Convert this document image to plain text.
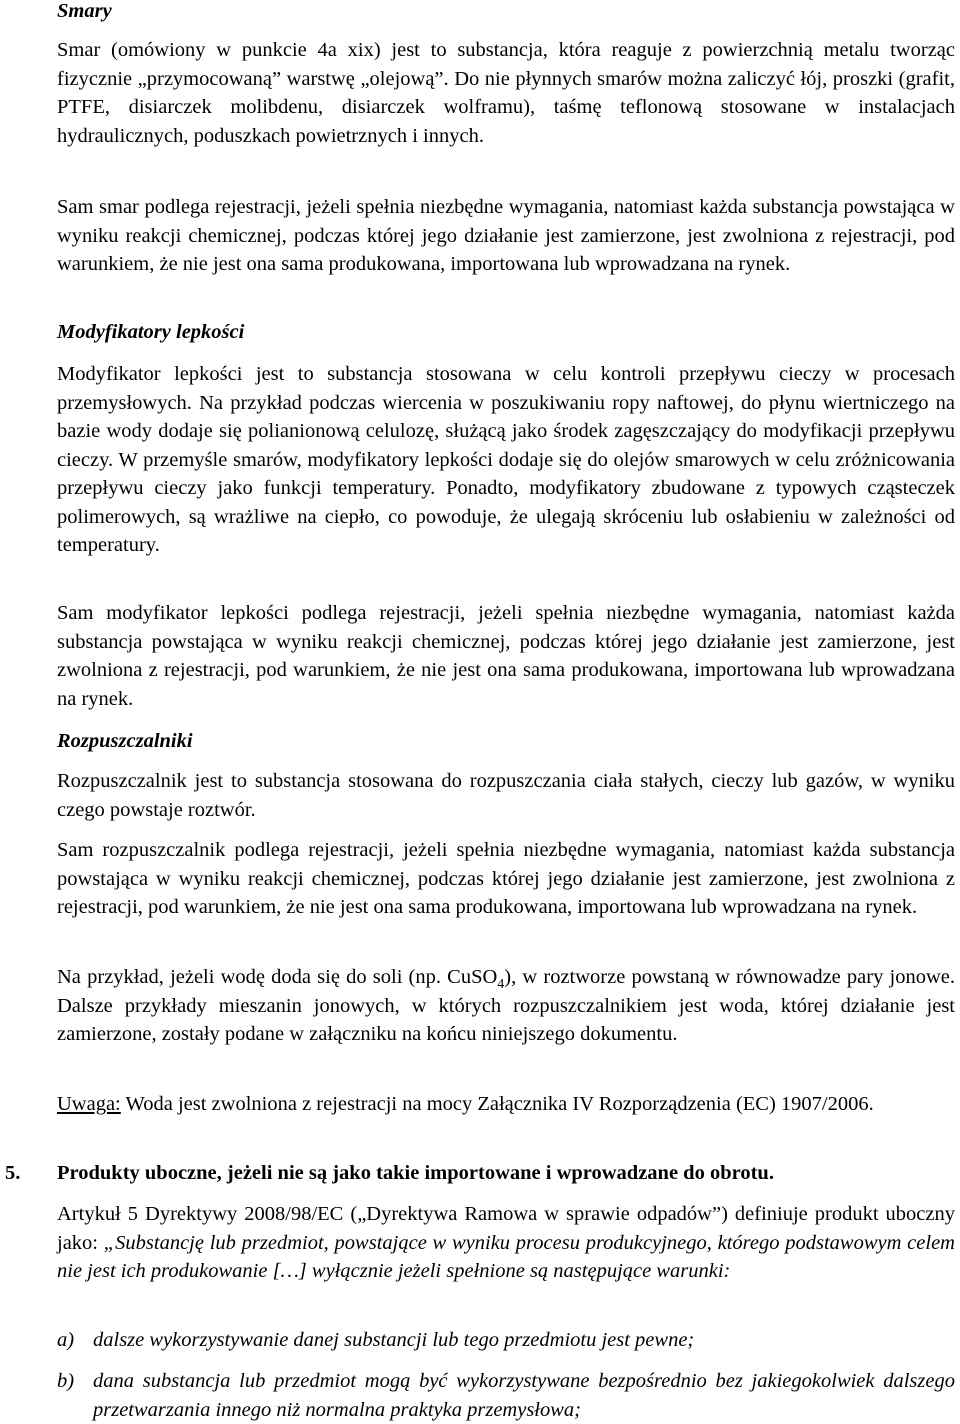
Smary

Smar (omówiony w punkcie 4a xix) jest to substancja, która reaguje z powierzchnią metalu tworząc fizycznie „przymocowaną” warstwę „olejową”. Do nie płynnych smarów można zaliczyć łój, proszki (grafit, PTFE, disiarczek molibdenu, disiarczek wolframu), taśmę teflonową stosowane w instalacjach hydraulicznych, poduszkach powietrznych i innych.

Sam smar podlega rejestracji, jeżeli spełnia niezbędne wymagania, natomiast każda substancja powstająca w wyniku reakcji chemicznej, podczas której jego działanie jest zamierzone, jest zwolniona z rejestracji, pod warunkiem, że nie jest ona sama produkowana, importowana lub wprowadzana na rynek.

Modyfikatory lepkości

Modyfikator lepkości jest to substancja stosowana w celu kontroli przepływu cieczy w procesach przemysłowych. Na przykład podczas wiercenia w poszukiwaniu ropy naftowej, do płynu wiertniczego na bazie wody dodaje się polianionową celulozę, służącą jako środek zagęszczający do modyfikacji przepływu cieczy. W przemyśle smarów, modyfikatory lepkości dodaje się do olejów smarowych w celu zróżnicowania przepływu cieczy jako funkcji temperatury. Ponadto, modyfikatory zbudowane z typowych cząsteczek polimerowych, są wrażliwe na ciepło, co powoduje, że ulegają skróceniu lub osłabieniu w zależności od temperatury.

Sam modyfikator lepkości podlega rejestracji, jeżeli spełnia niezbędne wymagania, natomiast każda substancja powstająca w wyniku reakcji chemicznej, podczas której jego działanie jest zamierzone, jest zwolniona z rejestracji, pod warunkiem, że nie jest ona sama produkowana, importowana lub wprowadzana na rynek.

Rozpuszczalniki

Rozpuszczalnik jest to substancja stosowana do rozpuszczania ciała stałych, cieczy lub gazów, w wyniku czego powstaje roztwór.

Sam rozpuszczalnik podlega rejestracji, jeżeli spełnia niezbędne wymagania, natomiast każda substancja powstająca w wyniku reakcji chemicznej, podczas której jego działanie jest zamierzone, jest zwolniona z rejestracji, pod warunkiem, że nie jest ona sama produkowana, importowana lub wprowadzana na rynek.

Na przykład, jeżeli wodę doda się do soli (np. CuSO$_4$), w roztworze powstaną w równowadze pary jonowe. Dalsze przykłady mieszanin jonowych, w których rozpuszczalnikiem jest woda, której działanie jest zamierzone, zostały podane w załączniku na końcu niniejszego dokumentu.

Uwaga: Woda jest zwolniona z rejestracji na mocy Załącznika IV Rozporządzenia (EC) 1907/2006.

5. Produkty uboczne, jeżeli nie są jako takie importowane i wprowadzane do obrotu.

Artykuł 5 Dyrektywy 2008/98/EC („Dyrektywa Ramowa w sprawie odpadów”) definiuje produkt uboczny jako: „Substancję lub przedmiot, powstające w wyniku procesu produkcyjnego, którego podstawowym celem nie jest ich produkowanie […] wyłącznie jeżeli spełnione są następujące warunki:

a) dalsze wykorzystywanie danej substancji lub tego przedmiotu jest pewne;
b) dana substancja lub przedmiot mogą być wykorzystywane bezpośrednio bez jakiegokolwiek dalszego przetwarzania innego niż normalna praktyka przemysłowa;
